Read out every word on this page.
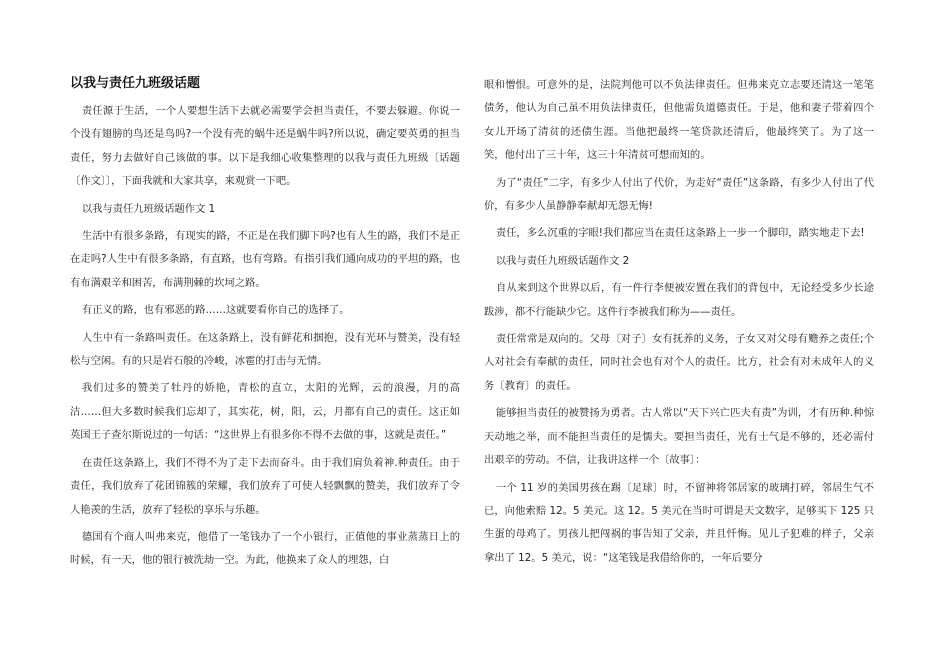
以我与责任九班级话题

责任源于生活，一个人要想生活下去就必需要学会担当责任，不要去躲避。你说一个没有翅膀的鸟还是鸟吗?一个没有壳的蜗牛还是蜗牛吗?所以说，确定要英勇的担当责任，努力去做好自己该做的事。以下是我细心收集整理的以我与责任九班级〔话题〔作文〕〕，下面我就和大家共享，来观赏一下吧。

以我与责任九班级话题作文 1

生活中有很多条路，有现实的路，不正是在我们脚下吗?也有人生的路，我们不是正在走吗?人生中有很多条路，有直路，也有弯路。有指引我们通向成功的平坦的路，也有布满艰辛和困苦，布满荆棘的坎坷之路。

有正义的路，也有邪恶的路……这就要看你自己的选择了。

人生中有一条路叫责任。在这条路上，没有鲜花和掴抱，没有光环与赞美，没有轻松与空闲。有的只是岩石般的冷峻，冰雹的打击与无情。

我们过多的赞美了牡丹的娇艳，青松的直立，太阳的光辉，云的浪漫，月的高洁……但大多数时候我们忘却了，其实花，树，阳，云，月都有自己的责任。这正如英国王子查尔斯说过的一句话：“这世界上有很多你不得不去做的事，这就是责任。”

在责任这条路上，我们不得不为了走下去而奋斗。由于我们肩负着神.种责任。由于责任，我们放弃了花团锦簇的荣耀，我们放弃了可使人轻飘飘的赞美，我们放弃了令人艳羡的生活，放弃了轻松的享乐与乐趣。

德国有个商人叫弗来克，他借了一笔钱办了一个小银行，正值他的事业蒸蒸日上的时候，有一天，他的银行被洗劫一空。为此，他换来了众人的埋怨，白

眼和憎恨。可意外的是，法院判他可以不负法律责任。但弗来克立志要还清这一笔笔债务，他认为自己虽不用负法律责任，但他需负道德责任。于是，他和妻子带着四个女儿开场了清贫的还债生涯。当他把最终一笔贷款还清后，他最终笑了。为了这一笑，他付出了三十年，这三十年清贫可想而知的。

为了“责任”二字，有多少人付出了代价，为走好“责任”这条路，有多少人付出了代价，有多少人虽静静奉献却无怨无悔!

责任，多么沉重的字眼!我们都应当在责任这条路上一步一个脚印，踏实地走下去!

以我与责任九班级话题作文 2

自从来到这个世界以后，有一件行李便被安置在我们的背包中，无论经受多少长途跋涉，都不行能缺少它。这件行李被我们称为——责任。

责任常常是双向的。父母〔对子〕女有抚养的义务，子女又对父母有赡养之责任;个人对社会有奉献的责任，同时社会也有对个人的责任。比方，社会有对未成年人的义务〔教育〕的责任。

能够担当责任的被赞扬为勇者。古人常以“天下兴亡匹夫有责”为训，才有历种.种惊天动地之举，而不能担当责任的是懦夫。要担当责任，光有士气是不够的，还必需付出艰辛的劳动。不信，让我讲这样一个〔故事〕：

一个 11 岁的美国男孩在踢〔足球〕时，不留神将邻居家的玻璃打碎，邻居生气不已，向他索赔 12。5 美元。这 12。5 美元在当时可谓是天文数字，足够买下 125 只生蛋的母鸡了。男孩儿把闯祸的事告知了父亲，并且忏悔。见儿子犯难的样子，父亲拿出了 12。5 美元，说：“这笔钱是我借给你的，一年后要分
